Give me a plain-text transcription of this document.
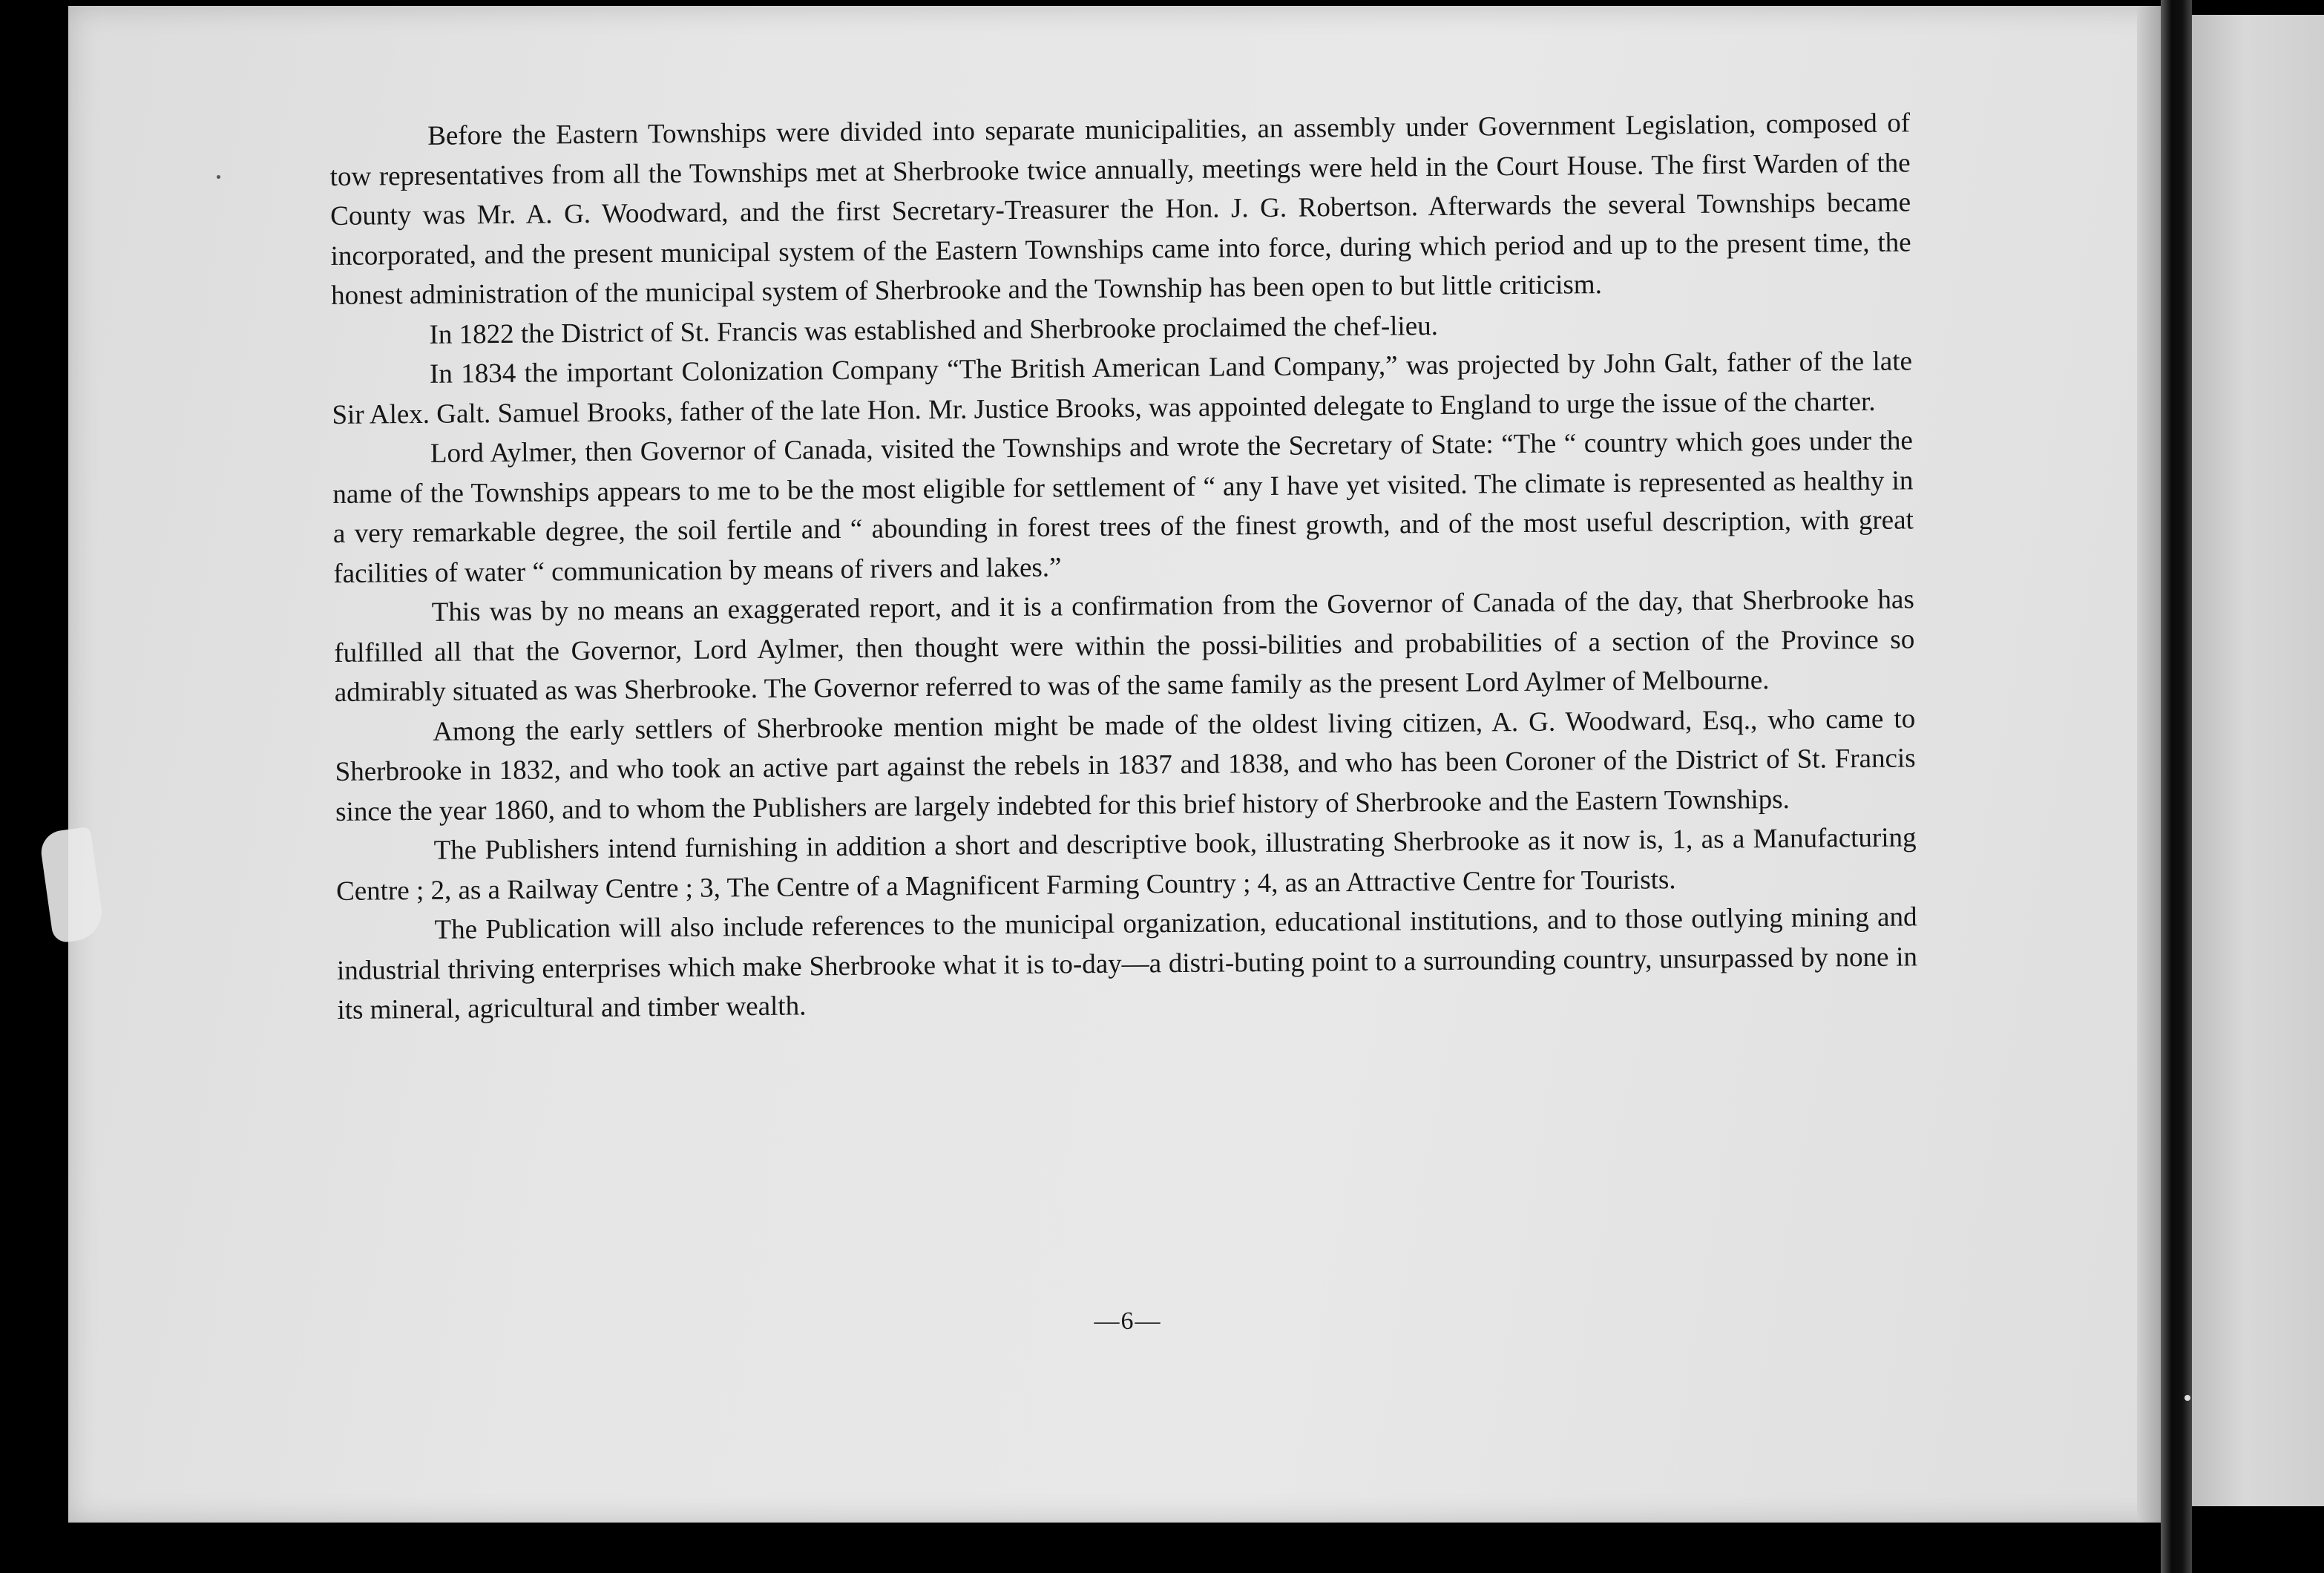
Before the Eastern Townships were divided into separate municipalities, an assembly under Government Legislation, composed of tow representatives from all the Townships met at Sherbrooke twice annually, meetings were held in the Court House. The first Warden of the County was Mr. A. G. Woodward, and the first Secretary-Treasurer the Hon. J. G. Robertson. Afterwards the several Townships became incorporated, and the present municipal system of the Eastern Townships came into force, during which period and up to the present time, the honest administration of the municipal system of Sherbrooke and the Township has been open to but little criticism.

In 1822 the District of St. Francis was established and Sherbrooke proclaimed the chef-lieu.

In 1834 the important Colonization Company “The British American Land Company,” was projected by John Galt, father of the late Sir Alex. Galt. Samuel Brooks, father of the late Hon. Mr. Justice Brooks, was appointed delegate to England to urge the issue of the charter.

Lord Aylmer, then Governor of Canada, visited the Townships and wrote the Secretary of State: “The “ country which goes under the name of the Townships appears to me to be the most eligible for settlement of “ any I have yet visited. The climate is represented as healthy in a very remarkable degree, the soil fertile and “ abounding in forest trees of the finest growth, and of the most useful description, with great facilities of water “ communication by means of rivers and lakes.”

This was by no means an exaggerated report, and it is a confirmation from the Governor of Canada of the day, that Sherbrooke has fulfilled all that the Governor, Lord Aylmer, then thought were within the possi-bilities and probabilities of a section of the Province so admirably situated as was Sherbrooke. The Governor referred to was of the same family as the present Lord Aylmer of Melbourne.

Among the early settlers of Sherbrooke mention might be made of the oldest living citizen, A. G. Woodward, Esq., who came to Sherbrooke in 1832, and who took an active part against the rebels in 1837 and 1838, and who has been Coroner of the District of St. Francis since the year 1860, and to whom the Publishers are largely indebted for this brief history of Sherbrooke and the Eastern Townships.

The Publishers intend furnishing in addition a short and descriptive book, illustrating Sherbrooke as it now is, 1, as a Manufacturing Centre ; 2, as a Railway Centre ; 3, The Centre of a Magnificent Farming Country ; 4, as an Attractive Centre for Tourists.

The Publication will also include references to the municipal organization, educational institutions, and to those outlying mining and industrial thriving enterprises which make Sherbrooke what it is to-day—a distri-buting point to a surrounding country, unsurpassed by none in its mineral, agricultural and timber wealth.

—6—
